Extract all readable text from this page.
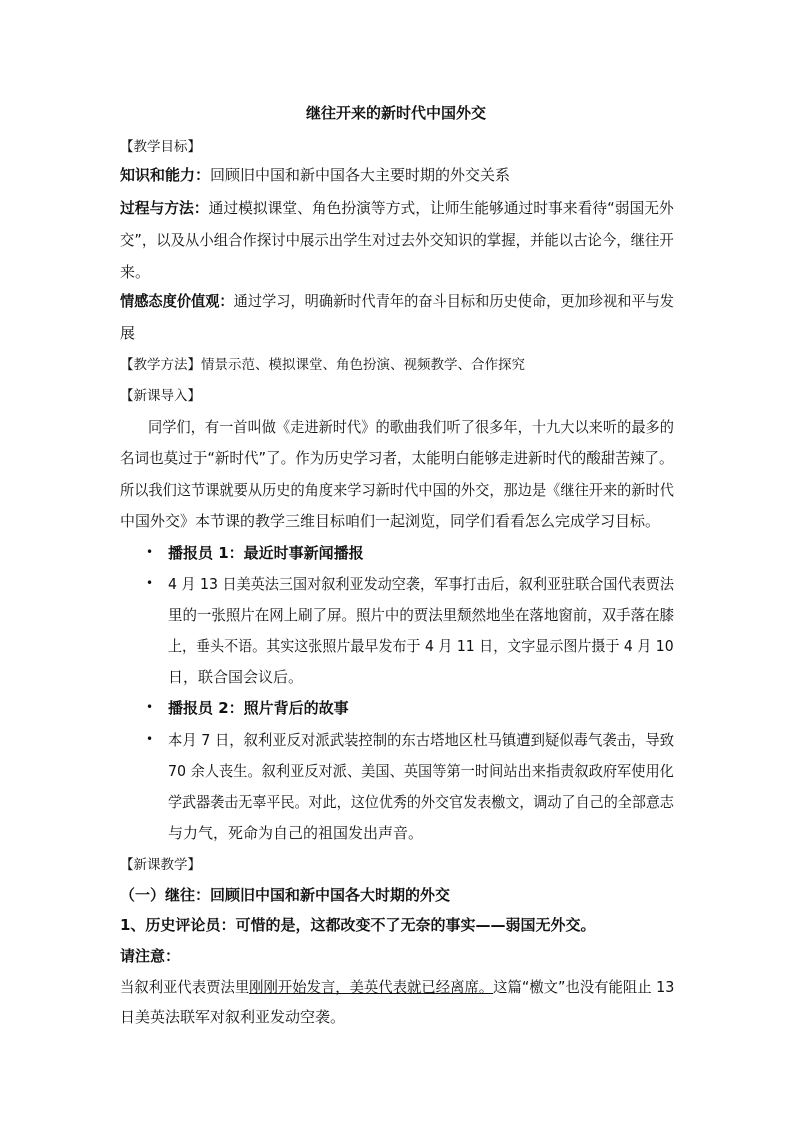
继往开来的新时代中国外交
【教学目标】
知识和能力：回顾旧中国和新中国各大主要时期的外交关系
过程与方法：通过模拟课堂、角色扮演等方式，让师生能够通过时事来看待“弱国无外
交”，以及从小组合作探讨中展示出学生对过去外交知识的掌握，并能以古论今，继往开
来。
情感态度价值观：通过学习，明确新时代青年的奋斗目标和历史使命，更加珍视和平与发
展
【教学方法】情景示范、模拟课堂、角色扮演、视频教学、合作探究
【新课导入】
同学们，有一首叫做《走进新时代》的歌曲我们听了很多年，十九大以来听的最多的
名词也莫过于“新时代”了。作为历史学习者，太能明白能够走进新时代的酸甜苦辣了。
所以我们这节课就要从历史的角度来学习新时代中国的外交，那边是《继往开来的新时代
中国外交》本节课的教学三维目标咱们一起浏览，同学们看看怎么完成学习目标。
• 播报员 1：最近时事新闻播报
• 4 月 13 日美英法三国对叙利亚发动空袭，军事打击后，叙利亚驻联合国代表贾法
里的一张照片在网上刷了屏。照片中的贾法里颓然地坐在落地窗前，双手落在膝
上，垂头不语。其实这张照片最早发布于 4 月 11 日，文字显示图片摄于 4 月 10
日，联合国会议后。
• 播报员 2：照片背后的故事
• 本月 7 日，叙利亚反对派武装控制的东古塔地区杜马镇遭到疑似毒气袭击，导致
70 余人丧生。叙利亚反对派、美国、英国等第一时间站出来指责叙政府军使用化
学武器袭击无辜平民。对此，这位优秀的外交官发表檄文，调动了自己的全部意志
与力气，死命为自己的祖国发出声音。
【新课教学】
（一）继往：回顾旧中国和新中国各大时期的外交
1、历史评论员：可惜的是，这都改变不了无奈的事实——弱国无外交。
请注意：
当叙利亚代表贾法里刚刚开始发言，美英代表就已经离席。这篇“檄文”也没有能阻止 13
日美英法联军对叙利亚发动空袭。
